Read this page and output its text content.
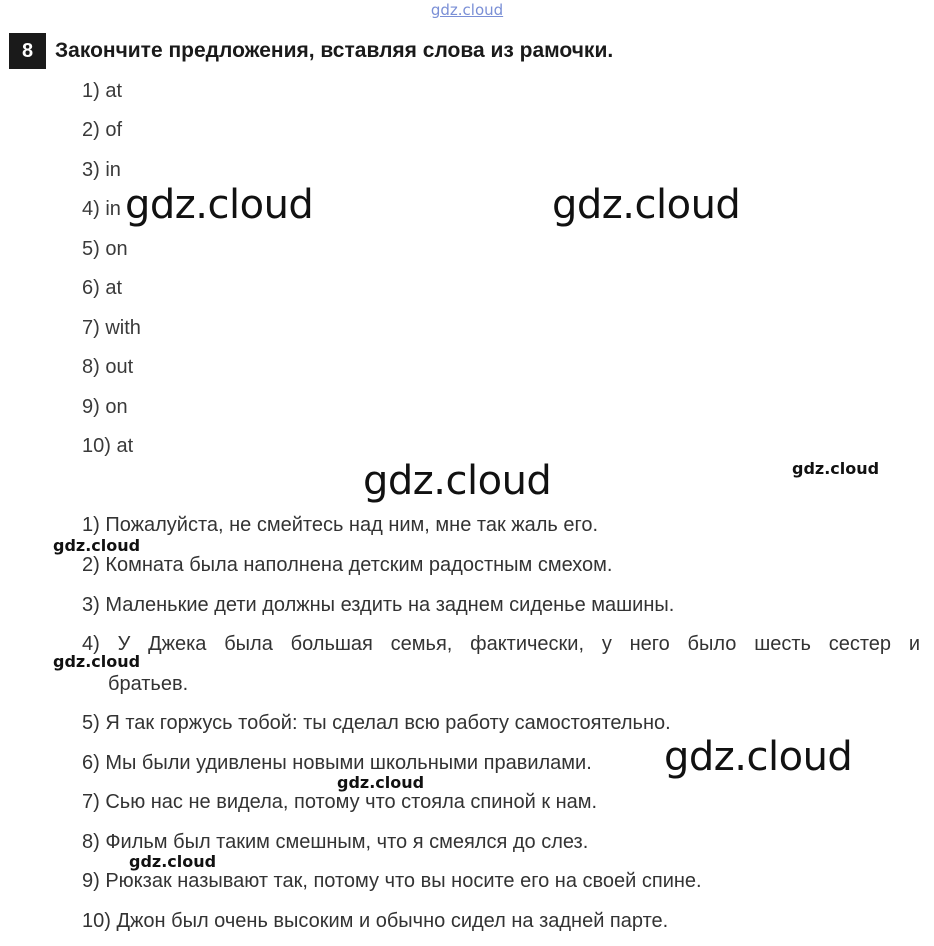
gdz.cloud
8	Закончите предложения, вставляя слова из рамочки.
1) at
2) of
3) in
4) in
5) on
6) at
7) with
8) out
9) on
10) at
1) Пожалуйста, не смейтесь над ним, мне так жаль его.
2) Комната была наполнена детским радостным смехом.
3) Маленькие дети должны ездить на заднем сиденье машины.
4) У Джека была большая семья, фактически, у него было шесть сестер и
братьев.
5) Я так горжусь тобой: ты сделал всю работу самостоятельно.
6) Мы были удивлены новыми школьными правилами.
7) Сью нас не видела, потому что стояла спиной к нам.
8) Фильм был таким смешным, что я смеялся до слез.
9) Рюкзак называют так, потому что вы носите его на своей спине.
10) Джон был очень высоким и обычно сидел на задней парте.
gdz.cloud	gdz.cloud
gdz.cloud
gdz.cloud
gdz.cloud
gdz.cloud
gdz.cloud
gdz.cloud
gdz.cloud
